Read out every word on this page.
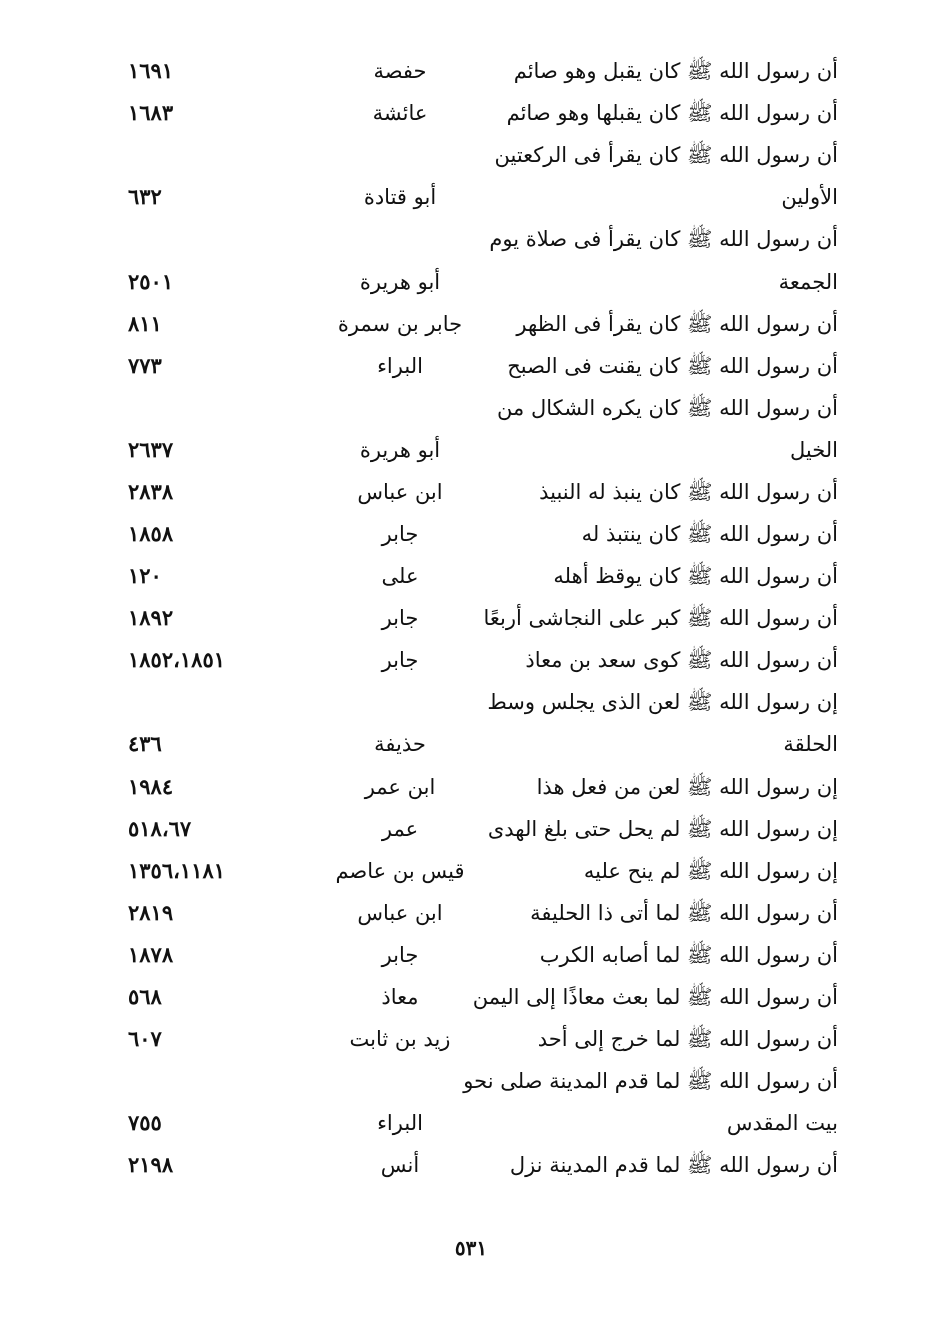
أن رسول الله ﷺ كان يقبل وهو صائم
حفصة
١٦٩١
أن رسول الله ﷺ كان يقبلها وهو صائم
عائشة
١٦٨٣
أن رسول الله ﷺ كان يقرأ فى الركعتين
الأولين
أبو قتادة
٦٣٢
أن رسول الله ﷺ كان يقرأ فى صلاة يوم
الجمعة
أبو هريرة
٢٥٠١
أن رسول الله ﷺ كان يقرأ فى الظهر
جابر بن سمرة
٨١١
أن رسول الله ﷺ كان يقنت فى الصبح
البراء
٧٧٣
أن رسول الله ﷺ كان يكره الشكال من
الخيل
أبو هريرة
٢٦٣٧
أن رسول الله ﷺ كان ينبذ له النبيذ
ابن عباس
٢٨٣٨
أن رسول الله ﷺ كان ينتبذ له
جابر
١٨٥٨
أن رسول الله ﷺ كان يوقظ أهله
على
١٢٠
أن رسول الله ﷺ كبر على النجاشى أربعًا
جابر
١٨٩٢
أن رسول الله ﷺ كوى سعد بن معاذ
جابر
١٨٥٢،١٨٥١
إن رسول الله ﷺ لعن الذى يجلس وسط
الحلقة
حذيفة
٤٣٦
إن رسول الله ﷺ لعن من فعل هذا
ابن عمر
١٩٨٤
إن رسول الله ﷺ لم يحل حتى بلغ الهدى
عمر
٥١٨،٦٧
إن رسول الله ﷺ لم ينح عليه
قيس بن عاصم
١٣٥٦،١١٨١
أن رسول الله ﷺ لما أتى ذا الحليفة
ابن عباس
٢٨١٩
أن رسول الله ﷺ لما أصابه الكرب
جابر
١٨٧٨
أن رسول الله ﷺ لما بعث معاذًا إلى اليمن
معاذ
٥٦٨
أن رسول الله ﷺ لما خرج إلى أحد
زيد بن ثابت
٦٠٧
أن رسول الله ﷺ لما قدم المدينة صلى نحو
بيت المقدس
البراء
٧٥٥
أن رسول الله ﷺ لما قدم المدينة نزل
أنس
٢١٩٨
٥٣١
